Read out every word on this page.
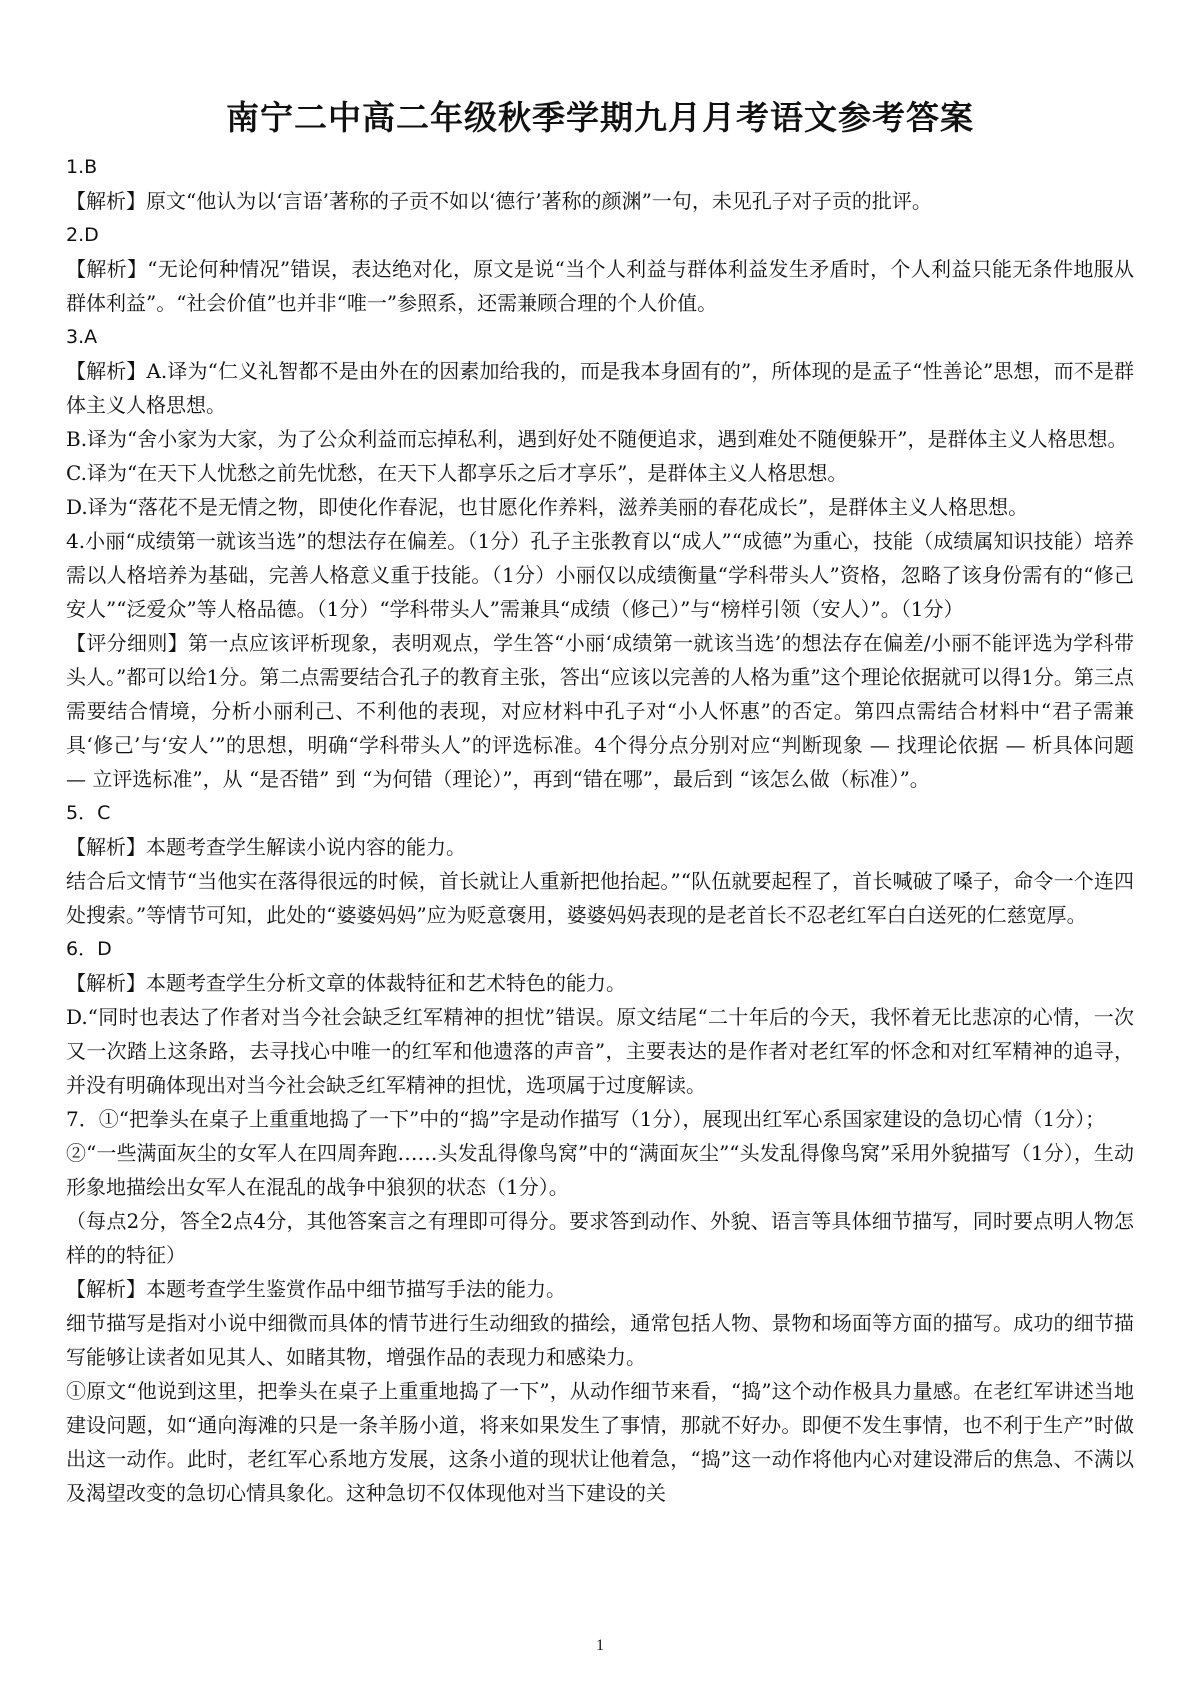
南宁二中高二年级秋季学期九月月考语文参考答案

1.B

【解析】原文“他认为以‘言语’著称的子贡不如以‘德行’著称的颜渊”一句，未见孔子对子贡的批评。

2.D

【解析】“无论何种情况”错误，表达绝对化，原文是说“当个人利益与群体利益发生矛盾时，个人利益只能无条件地服从群体利益”。“社会价值”也并非“唯一”参照系，还需兼顾合理的个人价值。

3.A

【解析】A.译为“仁义礼智都不是由外在的因素加给我的，而是我本身固有的”，所体现的是孟子“性善论”思想，而不是群体主义人格思想。

B.译为“舍小家为大家，为了公众利益而忘掉私利，遇到好处不随便追求，遇到难处不随便躲开”，是群体主义人格思想。

C.译为“在天下人忧愁之前先忧愁，在天下人都享乐之后才享乐”，是群体主义人格思想。

D.译为“落花不是无情之物，即使化作春泥，也甘愿化作养料，滋养美丽的春花成长”，是群体主义人格思想。

4.小丽“成绩第一就该当选”的想法存在偏差。（1分）孔子主张教育以“成人”“成德”为重心，技能（成绩属知识技能）培养需以人格培养为基础，完善人格意义重于技能。（1分）小丽仅以成绩衡量“学科带头人”资格，忽略了该身份需有的“修己安人”“泛爱众”等人格品德。（1分）“学科带头人”需兼具“成绩（修己）”与“榜样引领（安人）”。（1分）

【评分细则】第一点应该评析现象，表明观点，学生答“小丽‘成绩第一就该当选’的想法存在偏差/小丽不能评选为学科带头人。”都可以给1分。第二点需要结合孔子的教育主张，答出“应该以完善的人格为重”这个理论依据就可以得1分。第三点需要结合情境，分析小丽利己、不利他的表现，对应材料中孔子对“小人怀惠”的否定。第四点需结合材料中“君子需兼具‘修己’与‘安人’”的思想，明确“学科带头人”的评选标准。4个得分点分别对应“判断现象 — 找理论依据 — 析具体问题 — 立评选标准”，从 “是否错” 到 “为何错（理论）”，再到“错在哪”，最后到 “该怎么做（标准）”。

5．C

【解析】本题考查学生解读小说内容的能力。

结合后文情节“当他实在落得很远的时候，首长就让人重新把他抬起。”“队伍就要起程了，首长喊破了嗓子，命令一个连四处搜索。”等情节可知，此处的“婆婆妈妈”应为贬意褒用，婆婆妈妈表现的是老首长不忍老红军白白送死的仁慈宽厚。

6．D

【解析】本题考查学生分析文章的体裁特征和艺术特色的能力。

D.“同时也表达了作者对当今社会缺乏红军精神的担忧”错误。原文结尾“二十年后的今天，我怀着无比悲凉的心情，一次又一次踏上这条路，去寻找心中唯一的红军和他遗落的声音”，主要表达的是作者对老红军的怀念和对红军精神的追寻，并没有明确体现出对当今社会缺乏红军精神的担忧，选项属于过度解读。

7．①“把拳头在桌子上重重地捣了一下”中的“捣”字是动作描写（1分），展现出红军心系国家建设的急切心情（1分）；

②“一些满面灰尘的女军人在四周奔跑……头发乱得像鸟窝”中的“满面灰尘”“头发乱得像鸟窝”采用外貌描写（1分），生动形象地描绘出女军人在混乱的战争中狼狈的状态（1分）。

（每点2分，答全2点4分，其他答案言之有理即可得分。要求答到动作、外貌、语言等具体细节描写，同时要点明人物怎样的的特征）

【解析】本题考查学生鉴赏作品中细节描写手法的能力。

细节描写是指对小说中细微而具体的情节进行生动细致的描绘，通常包括人物、景物和场面等方面的描写。成功的细节描写能够让读者如见其人、如睹其物，增强作品的表现力和感染力。

①原文“他说到这里，把拳头在桌子上重重地捣了一下”，从动作细节来看，“捣”这个动作极具力量感。在老红军讲述当地建设问题，如“通向海滩的只是一条羊肠小道，将来如果发生了事情，那就不好办。即便不发生事情，也不利于生产”时做出这一动作。此时，老红军心系地方发展，这条小道的现状让他着急，“捣”这一动作将他内心对建设滞后的焦急、不满以及渴望改变的急切心情具象化。这种急切不仅体现他对当下建设的关

1
